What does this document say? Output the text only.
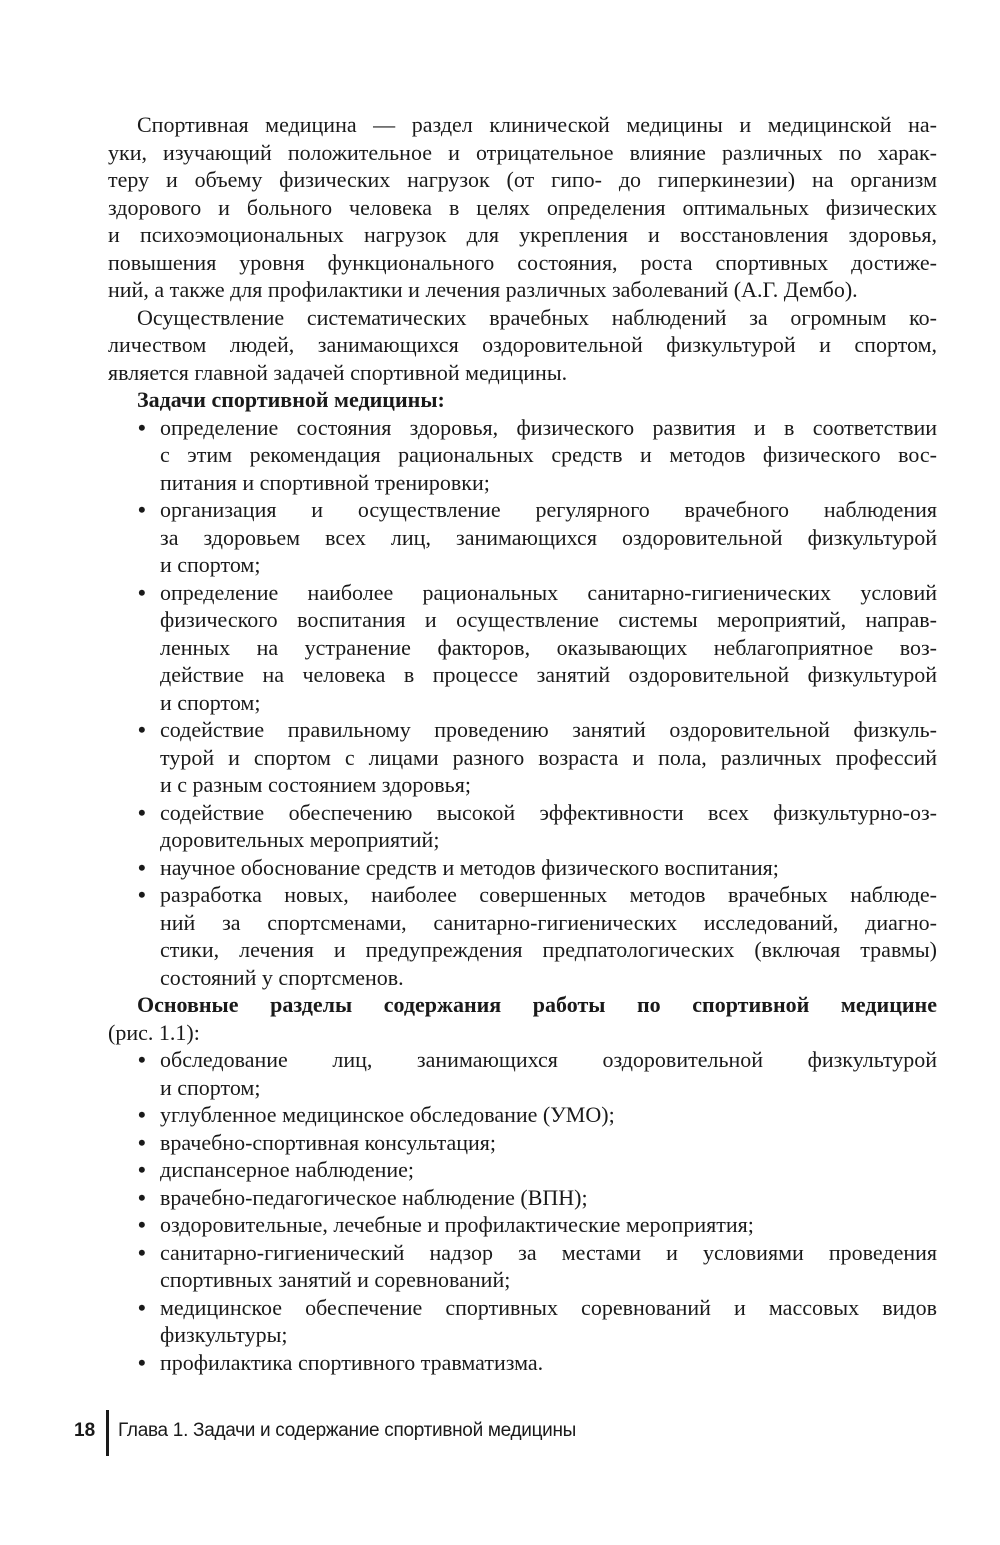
Спортивная медицина — раздел клинической медицины и медицинской на-
уки, изучающий положительное и отрицательное влияние различных по харак-
теру и объему физических нагрузок (от гипо- до гиперкинезии) на организм
здорового и больного человека в целях определения оптимальных физических
и психоэмоциональных нагрузок для укрепления и восстановления здоровья,
повышения уровня функционального состояния, роста спортивных достиже-
ний, а также для профилактики и лечения различных заболеваний (А.Г. Дембо).
Осуществление систематических врачебных наблюдений за огромным ко-
личеством людей, занимающихся оздоровительной физкультурой и спортом,
является главной задачей спортивной медицины.
Задачи спортивной медицины:
• определение состояния здоровья, физического развития и в соответствии
с этим рекомендация рациональных средств и методов физического вос-
питания и спортивной тренировки;
• организация и осуществление регулярного врачебного наблюдения
за здоровьем всех лиц, занимающихся оздоровительной физкультурой
и спортом;
• определение наиболее рациональных санитарно-гигиенических условий
физического воспитания и осуществление системы мероприятий, направ-
ленных на устранение факторов, оказывающих неблагоприятное воз-
действие на человека в процессе занятий оздоровительной физкультурой
и спортом;
• содействие правильному проведению занятий оздоровительной физкуль-
турой и спортом с лицами разного возраста и пола, различных профессий
и с разным состоянием здоровья;
• содействие обеспечению высокой эффективности всех физкультурно-оз-
доровительных мероприятий;
• научное обоснование средств и методов физического воспитания;
• разработка новых, наиболее совершенных методов врачебных наблюде-
ний за спортсменами, санитарно-гигиенических исследований, диагно-
стики, лечения и предупреждения предпатологических (включая травмы)
состояний у спортсменов.
Основные разделы содержания работы по спортивной медицине
(рис. 1.1):
• обследование лиц, занимающихся оздоровительной физкультурой
и спортом;
• углубленное медицинское обследование (УМО);
• врачебно-спортивная консультация;
• диспансерное наблюдение;
• врачебно-педагогическое наблюдение (ВПН);
• оздоровительные, лечебные и профилактические мероприятия;
• санитарно-гигиенический надзор за местами и условиями проведения
спортивных занятий и соревнований;
• медицинское обеспечение спортивных соревнований и массовых видов
физкультуры;
• профилактика спортивного травматизма.
18 Глава 1. Задачи и содержание спортивной медицины
